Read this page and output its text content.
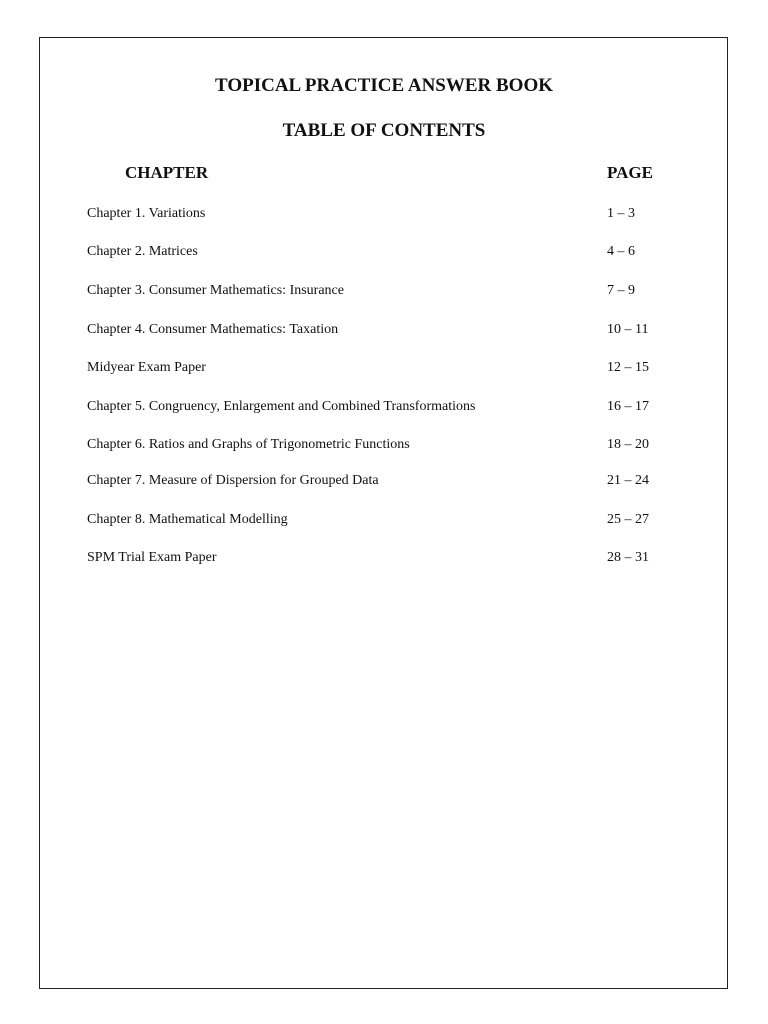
TOPICAL PRACTICE ANSWER BOOK
TABLE OF CONTENTS
CHAPTER	PAGE
Chapter 1. Variations	1 – 3
Chapter 2. Matrices	4 – 6
Chapter 3. Consumer Mathematics: Insurance	7 – 9
Chapter 4. Consumer Mathematics: Taxation	10 – 11
Midyear Exam Paper	12 – 15
Chapter 5. Congruency, Enlargement and Combined Transformations	16 – 17
Chapter 6. Ratios and Graphs of Trigonometric Functions	18 – 20
Chapter 7. Measure of Dispersion for Grouped Data	21 – 24
Chapter 8. Mathematical Modelling	25 – 27
SPM Trial Exam Paper	28 – 31
